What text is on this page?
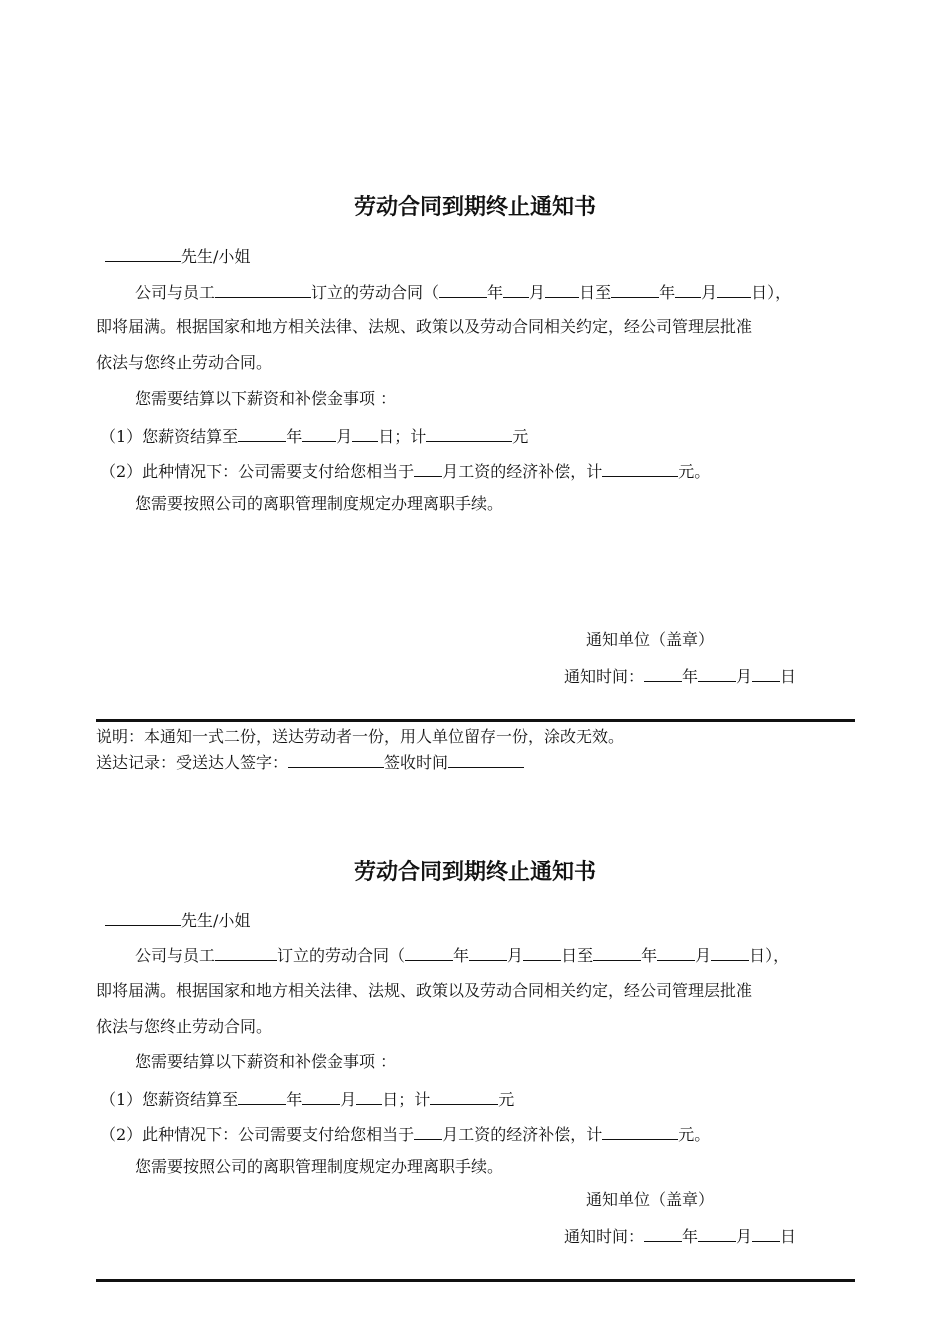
劳动合同到期终止通知书
先生/小姐
公司与员工	订立的劳动合同（	年 月 日至	年 月 日），
即将届满。根据国家和地方相关法律、法规、政策以及劳动合同相关约定，经公司管理层批准
依法与您终止劳动合同。
您需要结算以下薪资和补偿金事项 ：
（1）您薪资结算至	年 月 日；计	元
（2）此种情况下：公司需要支付给您相当于 月工资的经济补偿，计	元。
您需要按照公司的离职管理制度规定办理离职手续。
通知单位（盖章）
通知时间： 年 月 日
说明：本通知一式二份，送达劳动者一份，用人单位留存一份，涂改无效。
送达记录：受送达人签字：	签收时间
劳动合同到期终止通知书
先生/小姐
公司与员工	订立的劳动合同（	年 月 日至	年 月 日），
即将届满。根据国家和地方相关法律、法规、政策以及劳动合同相关约定，经公司管理层批准
依法与您终止劳动合同。
您需要结算以下薪资和补偿金事项 ：
（1）您薪资结算至	年 月 日；计	元
（2）此种情况下：公司需要支付给您相当于 月工资的经济补偿，计	元。
您需要按照公司的离职管理制度规定办理离职手续。
通知单位（盖章）
通知时间： 年 月 日
